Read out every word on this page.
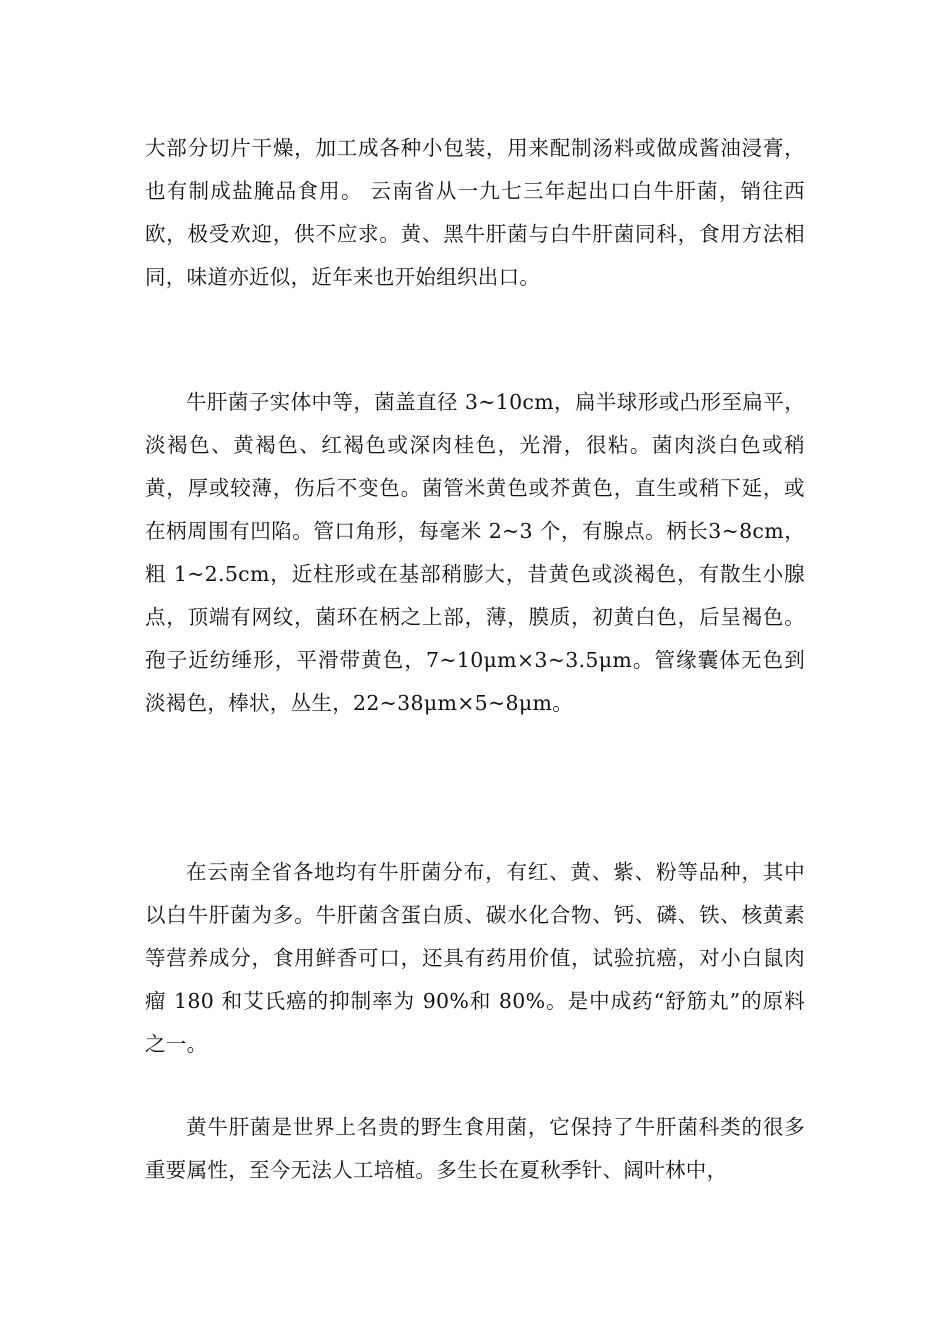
大部分切片干燥，加工成各种小包装，用来配制汤料或做成酱油浸膏，也有制成盐腌品食用。 云南省从一九七三年起出口白牛肝菌，销往西欧，极受欢迎，供不应求。黄、黑牛肝菌与白牛肝菌同科，食用方法相同，味道亦近似，近年来也开始组织出口。

牛肝菌子实体中等，菌盖直径 3~10cm，扁半球形或凸形至扁平，淡褐色、黄褐色、红褐色或深肉桂色，光滑，很粘。菌肉淡白色或稍黄，厚或较薄，伤后不变色。菌管米黄色或芥黄色，直生或稍下延，或在柄周围有凹陷。管口角形，每毫米 2~3 个，有腺点。柄长3~8cm，粗 1~2.5cm，近柱形或在基部稍膨大，昔黄色或淡褐色，有散生小腺点，顶端有网纹，菌环在柄之上部，薄，膜质，初黄白色，后呈褐色。孢子近纺缍形，平滑带黄色，7~10μm×3~3.5μm。管缘囊体无色到淡褐色，棒状，丛生，22~38μm×5~8μm。

在云南全省各地均有牛肝菌分布，有红、黄、紫、粉等品种，其中以白牛肝菌为多。牛肝菌含蛋白质、碳水化合物、钙、磷、铁、核黄素等营养成分，食用鲜香可口，还具有药用价值，试验抗癌，对小白鼠肉瘤 180 和艾氏癌的抑制率为 90%和 80%。是中成药“舒筋丸”的原料之一。

黄牛肝菌是世界上名贵的野生食用菌，它保持了牛肝菌科类的很多重要属性，至今无法人工培植。多生长在夏秋季针、阔叶林中，
